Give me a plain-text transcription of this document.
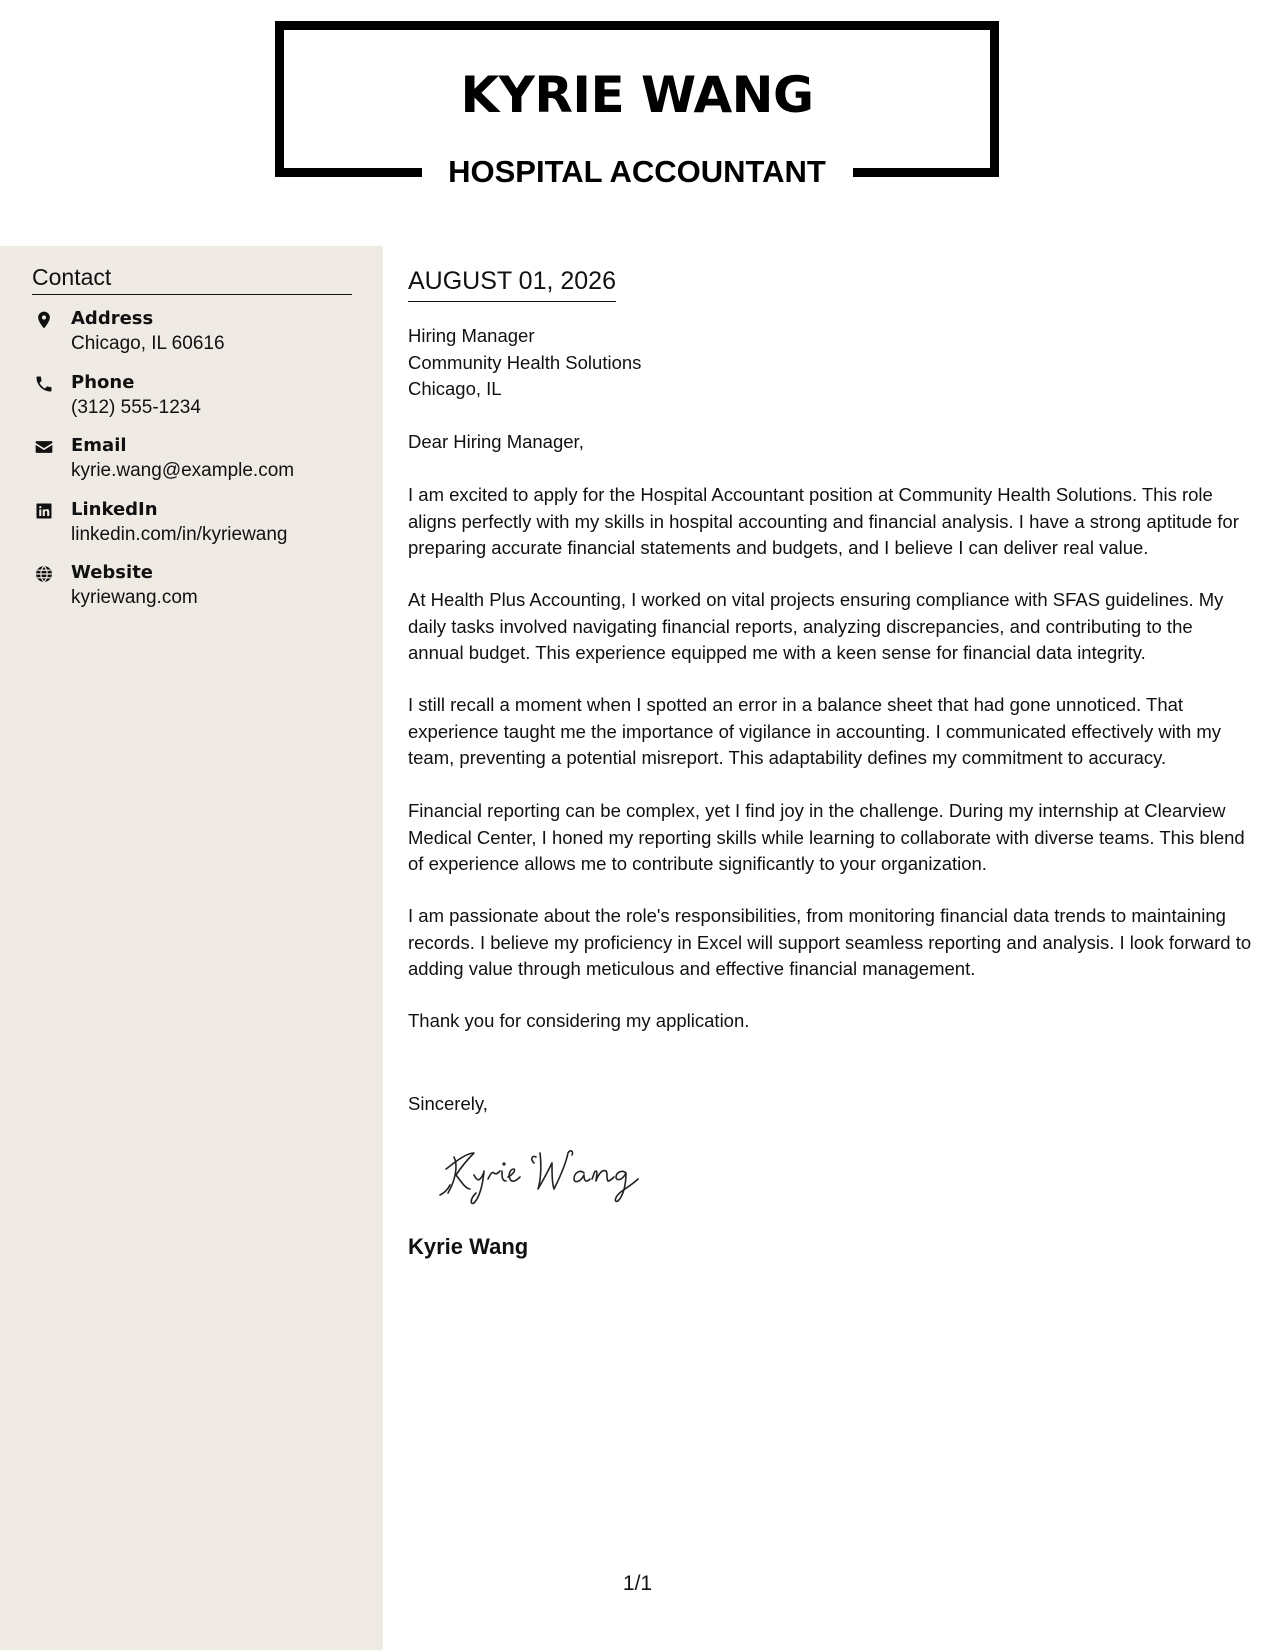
KYRIE WANG
HOSPITAL ACCOUNTANT
Contact
Address
Chicago, IL 60616
Phone
(312) 555-1234
Email
kyrie.wang@example.com
LinkedIn
linkedin.com/in/kyriewang
Website
kyriewang.com
AUGUST 01, 2026
Hiring Manager
Community Health Solutions
Chicago, IL
Dear Hiring Manager,

I am excited to apply for the Hospital Accountant position at Community Health Solutions. This role aligns perfectly with my skills in hospital accounting and financial analysis. I have a strong aptitude for preparing accurate financial statements and budgets, and I believe I can deliver real value.

At Health Plus Accounting, I worked on vital projects ensuring compliance with SFAS guidelines. My daily tasks involved navigating financial reports, analyzing discrepancies, and contributing to the annual budget. This experience equipped me with a keen sense for financial data integrity.

I still recall a moment when I spotted an error in a balance sheet that had gone unnoticed. That experience taught me the importance of vigilance in accounting. I communicated effectively with my team, preventing a potential misreport. This adaptability defines my commitment to accuracy.

Financial reporting can be complex, yet I find joy in the challenge. During my internship at Clearview Medical Center, I honed my reporting skills while learning to collaborate with diverse teams. This blend of experience allows me to contribute significantly to your organization.

I am passionate about the role's responsibilities, from monitoring financial data trends to maintaining records. I believe my proficiency in Excel will support seamless reporting and analysis. I look forward to adding value through meticulous and effective financial management.

Thank you for considering my application.

Sincerely,
Kyrie Wang
1/1
